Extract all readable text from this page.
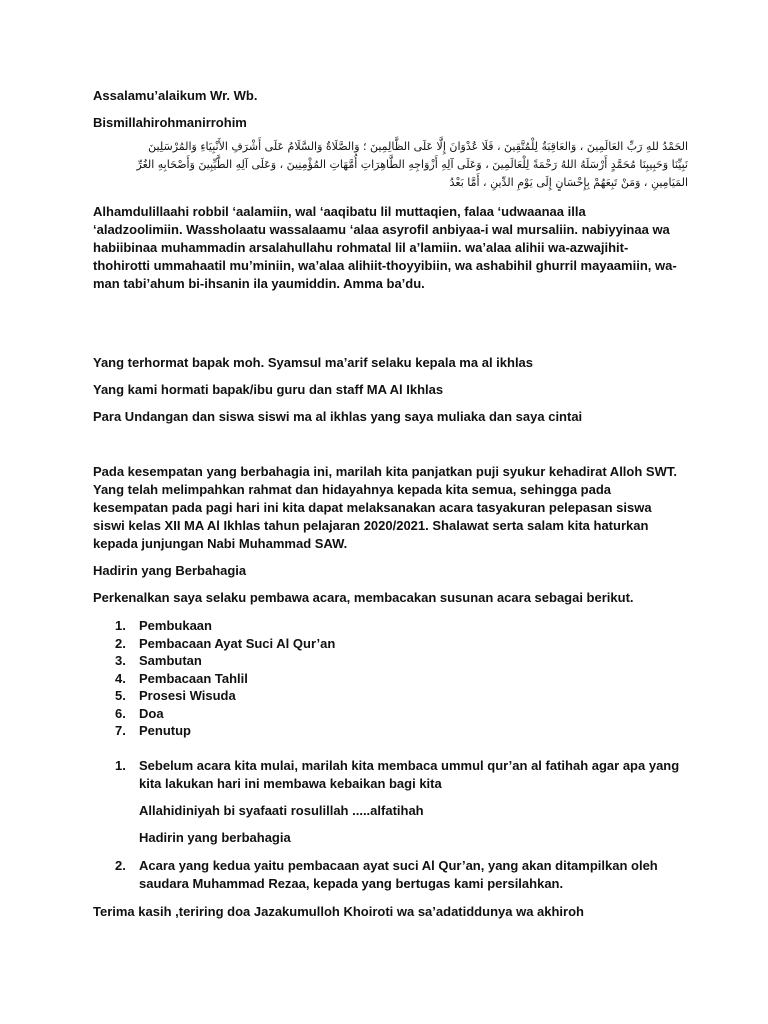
Assalamu’alaikum Wr. Wb.

Bismillahirohmanirrohim

الحَمْدُ للهِ رَبِّ العَالَمِينَ ، وَالعَاقِبَةُ لِلْمُتَّقِينَ ، فَلَا عُدْوَانَ إِلَّا عَلَى الظَّالِمِينَ ؛ وَالصَّلَاةُ وَالسَّلَامُ عَلَى أَشْرَفِ الأَنْبِيَاءِ وَالمُرْسَلِينَ

نَبِيِّنَا وَحَبِيبِنَا مُحَمَّدٍ أَرْسَلَهُ اللهُ رَحْمَةً لِلْعَالَمِينَ ، وَعَلَى آلِهِ أَزْوَاجِهِ الطَّاهِرَاتِ أُمَّهَاتِ المُؤْمِنِينَ ، وَعَلَى آلِهِ الطَّيِّبِينَ وَأَصْحَابِهِ الغُرِّ

المَيَامِينِ ، وَمَنْ تَبِعَهُمْ بِإِحْسَانٍ إِلَى يَوْمِ الدِّينِ ، أَمَّا بَعْدُ

Alhamdulillaahi robbil ‘aalamiin, wal ‘aaqibatu lil muttaqien, falaa ‘udwaanaa illa ‘aladzoolimiin. Wassholaatu wassalaamu ‘alaa asyrofil anbiyaa-i wal mursaliin. nabiyyinaa wa habiibinaa muhammadin arsalahullahu rohmatal lil a’lamiin. wa’alaa alihii wa-azwajihit-thohirotti ummahaatil mu’miniin, wa’alaa alihiit-thoyyibiin, wa ashabihil ghurril mayaamiin, wa-man tabi’ahum bi-ihsanin ila yaumiddin. Amma ba’du.

Yang terhormat bapak moh. Syamsul ma’arif selaku kepala ma al ikhlas

Yang kami hormati bapak/ibu guru dan staff MA Al Ikhlas

Para Undangan dan siswa siswi ma al ikhlas yang saya muliaka dan saya cintai

Pada kesempatan yang berbahagia ini, marilah kita panjatkan puji syukur kehadirat Alloh SWT. Yang telah melimpahkan rahmat dan hidayahnya kepada kita semua, sehingga pada kesempatan pada pagi hari ini kita dapat melaksanakan acara tasyakuran pelepasan siswa siswi kelas XII MA Al Ikhlas tahun pelajaran 2020/2021. Shalawat serta salam kita haturkan kepada junjungan Nabi Muhammad SAW.

Hadirin yang Berbahagia

Perkenalkan saya selaku pembawa acara, membacakan susunan acara sebagai berikut.

1. Pembukaan
2. Pembacaan Ayat Suci Al Qur’an
3. Sambutan
4. Pembacaan Tahlil
5. Prosesi Wisuda
6. Doa
7. Penutup
1. Sebelum acara kita mulai, marilah kita membaca ummul qur’an al fatihah agar apa yang
kita lakukan hari ini membawa kebaikan bagi kita

Allahidiniyah bi syafaati rosulillah .....alfatihah

Hadirin yang berbahagia

2. Acara yang kedua yaitu pembacaan ayat suci Al Qur’an, yang akan ditampilkan oleh
saudara Muhammad Rezaa, kepada yang bertugas kami persilahkan.

Terima kasih ,teriring doa Jazakumulloh Khoiroti wa sa’adatiddunya wa akhiroh
